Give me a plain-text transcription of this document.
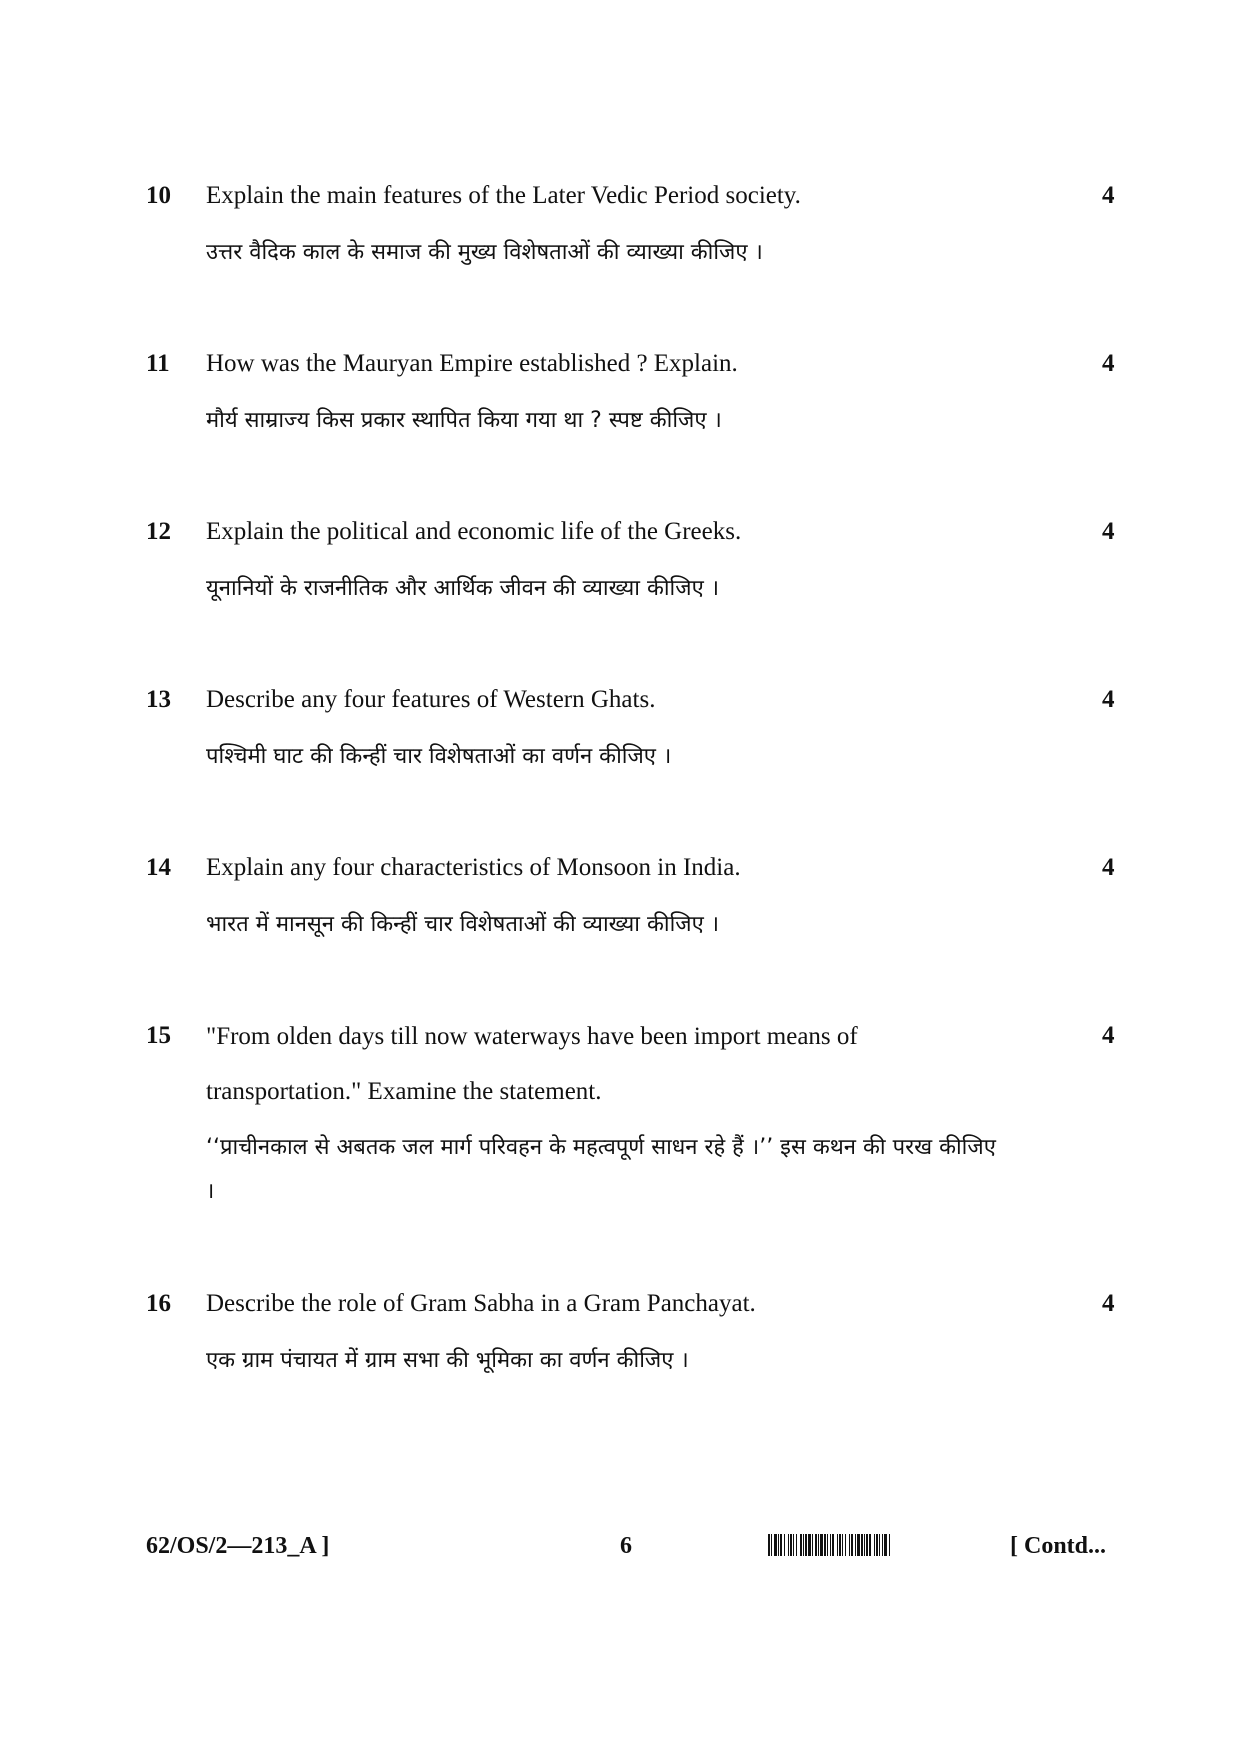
10 Explain the main features of the Later Vedic Period society.	4
उत्तर वैदिक काल के समाज की मुख्य विशेषताओं की व्याख्या कीजिए ।
11 How was the Mauryan Empire established ? Explain.	4
मौर्य साम्राज्य किस प्रकार स्थापित किया गया था ? स्पष्ट कीजिए ।
12 Explain the political and economic life of the Greeks.	4
यूनानियों के राजनीतिक और आर्थिक जीवन की व्याख्या कीजिए ।
13 Describe any four features of Western Ghats.	4
पश्चिमी घाट की किन्हीं चार विशेषताओं का वर्णन कीजिए ।
14 Explain any four characteristics of Monsoon in India.	4
भारत में मानसून की किन्हीं चार विशेषताओं की व्याख्या कीजिए ।
15 "From olden days till now waterways have been import means of transportation." Examine the statement.
4
‘‘प्राचीनकाल से अबतक जल मार्ग परिवहन के महत्वपूर्ण साधन रहे हैं ।’’ इस कथन की परख कीजिए ।
16 Describe the role of Gram Sabha in a Gram Panchayat.	4
एक ग्राम पंचायत में ग्राम सभा की भूमिका का वर्णन कीजिए ।
62/OS/2—213_A ]	6	[ Contd...
